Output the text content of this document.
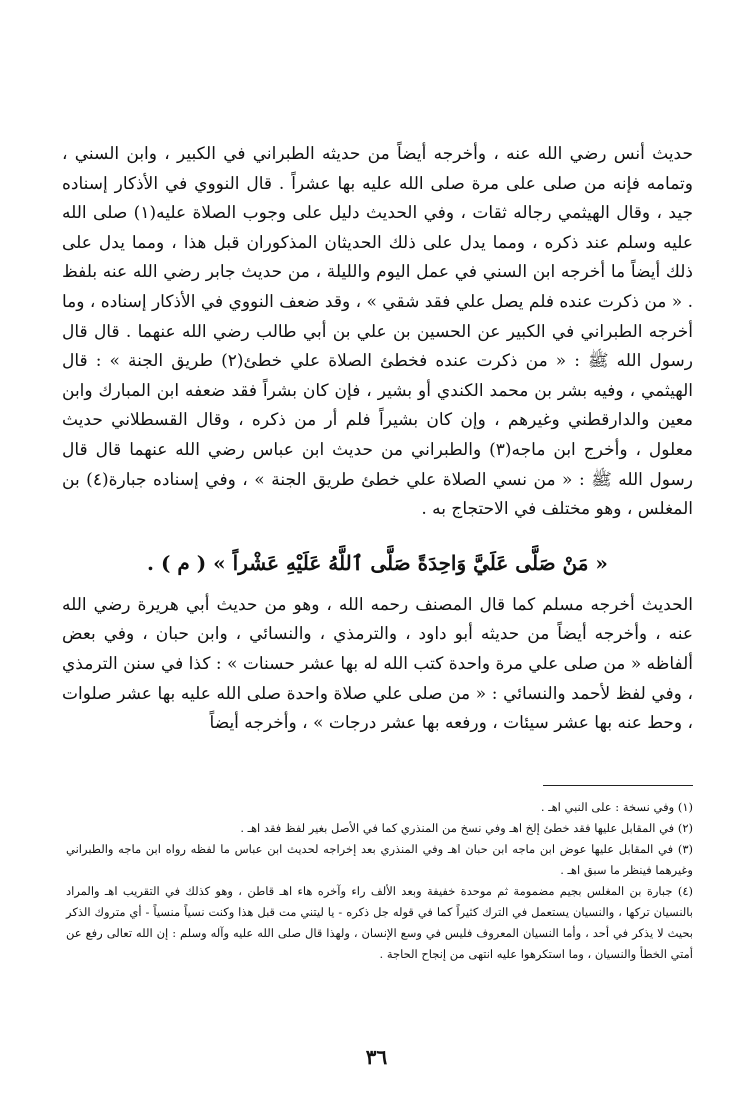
حديث أنس رضي الله عنه ، وأخرجه أيضاً من حديثه الطبراني في الكبير ، وابن السني ، وتمامه فإنه من صلى على مرة صلى الله عليه بها عشراً . قال النووي في الأذكار إسناده جيد ، وقال الهيثمي رجاله ثقات ، وفي الحديث دليل على وجوب الصلاة عليه(١) صلى الله عليه وسلم عند ذكره ، ومما يدل على ذلك الحديثان المذكوران قبل هذا ، ومما يدل على ذلك أيضاً ما أخرجه ابن السني في عمل اليوم والليلة ، من حديث جابر رضي الله عنه بلفظ . « من ذكرت عنده فلم يصل علي فقد شقي » ، وقد ضعف النووي في الأذكار إسناده ، وما أخرجه الطبراني في الكبير عن الحسين بن علي بن أبي طالب رضي الله عنهما . قال قال رسول الله ﷺ : « من ذكرت عنده فخطئ الصلاة علي خطئ(٢) طريق الجنة » : قال الهيثمي ، وفيه بشر بن محمد الكندي أو بشير ، فإن كان بشراً فقد ضعفه ابن المبارك وابن معين والدارقطني وغيرهم ، وإن كان بشيراً فلم أر من ذكره ، وقال القسطلاني حديث معلول ، وأخرج ابن ماجه(٣) والطبراني من حديث ابن عباس رضي الله عنهما قال قال رسول الله ﷺ : « من نسي الصلاة علي خطئ طريق الجنة » ، وفي إسناده جبارة(٤) بن المغلس ، وهو مختلف في الاحتجاج به .

« مَنْ صَلَّى عَلَيَّ وَاحِدَةً صَلَّى ٱللَّهُ عَلَيْهِ عَشْراً » ( م ) .

الحديث أخرجه مسلم كما قال المصنف رحمه الله ، وهو من حديث أبي هريرة رضي الله عنه ، وأخرجه أيضاً من حديثه أبو داود ، والترمذي ، والنسائي ، وابن حبان ، وفي بعض ألفاظه « من صلى علي مرة واحدة كتب الله له بها عشر حسنات » : كذا في سنن الترمذي ، وفي لفظ لأحمد والنسائي : « من صلى علي صلاة واحدة صلى الله عليه بها عشر صلوات ، وحط عنه بها عشر سيئات ، ورفعه بها عشر درجات » ، وأخرجه أيضاً

(١) وفي نسخة : على النبي اهـ .

(٢) في المقابل عليها فقد خطئ إلخ اهـ وفي نسخ من المنذري كما في الأصل بغير لفظ فقد اهـ .

(٣) في المقابل عليها عوض ابن ماجه ابن حبان اهـ وفي المنذري بعد إخراجه لحديث ابن عباس ما لفظه رواه ابن ماجه والطبراني وغيرهما فينظر ما سبق اهـ .

(٤) جبارة بن المغلس بجيم مضمومة ثم موحدة خفيفة وبعد الألف راء وآخره هاء اهـ قاطن ، وهو كذلك في التقريب اهـ والمراد بالنسيان تركها ، والنسيان يستعمل في الترك كثيراً كما في قوله جل ذكره - يا ليتني مت قبل هذا وكنت نسياً منسياً - أي متروك الذكر بحيث لا يذكر في أحد ، وأما النسيان المعروف فليس في وسع الإنسان ، ولهذا قال صلى الله عليه وآله وسلم : إن الله تعالى رفع عن أمتي الخطأ والنسيان ، وما استكرهوا عليه انتهى من إنجاح الحاجة .

٣٦
